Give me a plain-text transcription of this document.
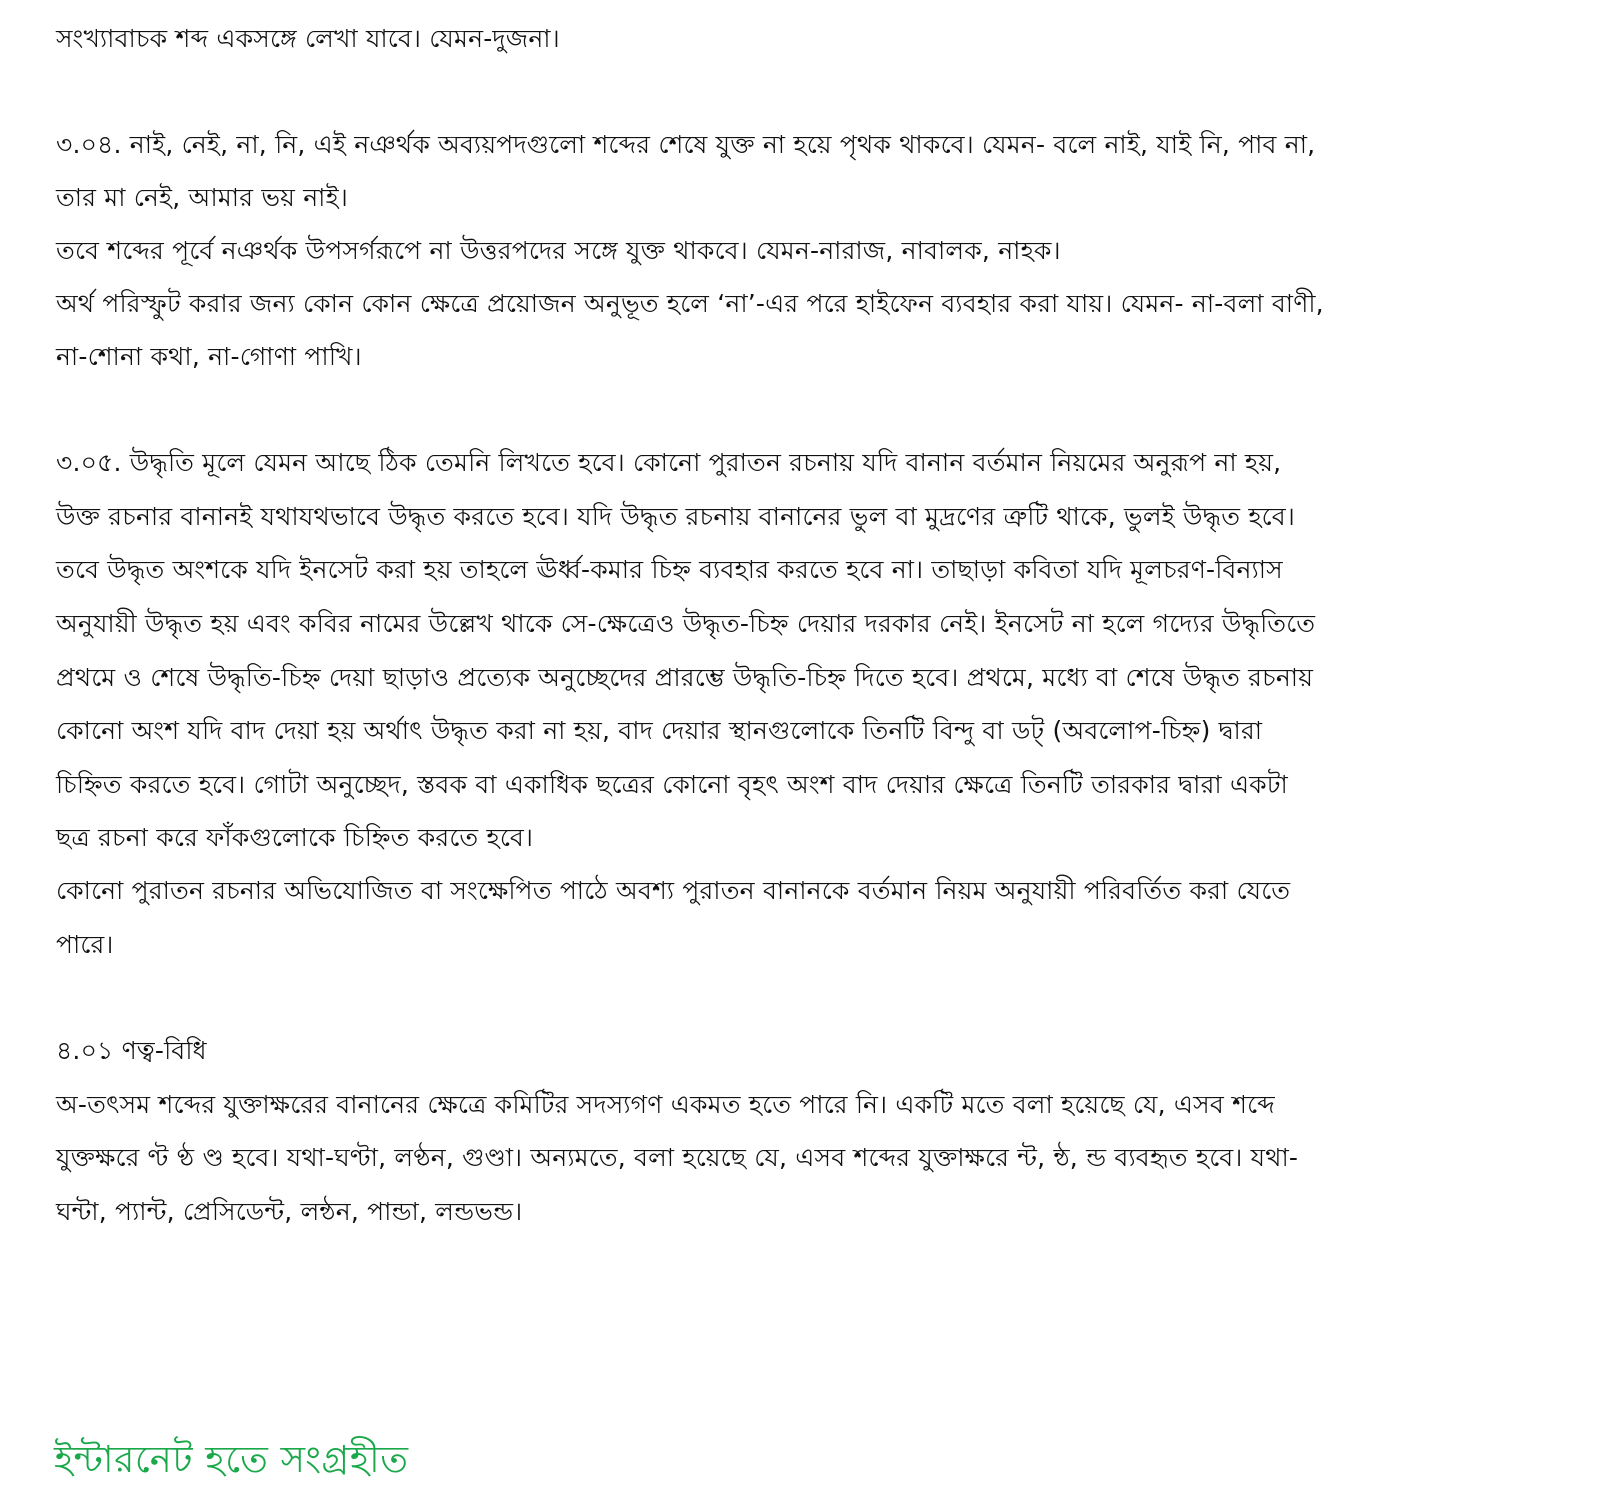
সংখ্যাবাচক শব্দ একসঙ্গে লেখা যাবে। যেমন-দুজনা।

৩.০৪. নাই, নেই, না, নি, এই নঞর্থক অব্যয়পদগুলো শব্দের শেষে যুক্ত না হয়ে পৃথক থাকবে। যেমন- বলে নাই, যাই নি, পাব না,

তার মা নেই, আমার ভয় নাই।

তবে শব্দের পূর্বে নঞর্থক উপসর্গরূপে না উত্তরপদের সঙ্গে যুক্ত থাকবে। যেমন-নারাজ, নাবালক, নাহক।

অর্থ পরিস্ফুট করার জন্য কোন কোন ক্ষেত্রে প্রয়োজন অনুভূত হলে ‘না’-এর পরে হাইফেন ব্যবহার করা যায়। যেমন- না-বলা বাণী,

না-শোনা কথা, না-গোণা পাখি।

৩.০৫. উদ্ধৃতি মূলে যেমন আছে ঠিক তেমনি লিখতে হবে। কোনো পুরাতন রচনায় যদি বানান বর্তমান নিয়মের অনুরূপ না হয়,

উক্ত রচনার বানানই যথাযথভাবে উদ্ধৃত করতে হবে। যদি উদ্ধৃত রচনায় বানানের ভুল বা মুদ্রণের ত্রুটি থাকে, ভুলই উদ্ধৃত হবে।

তবে উদ্ধৃত অংশকে যদি ইনসেট করা হয় তাহলে ঊর্ধ্ব-কমার চিহ্ন ব্যবহার করতে হবে না। তাছাড়া কবিতা যদি মূলচরণ-বিন্যাস

অনুযায়ী উদ্ধৃত হয় এবং কবির নামের উল্লেখ থাকে সে-ক্ষেত্রেও উদ্ধৃত-চিহ্ন দেয়ার দরকার নেই। ইনসেট না হলে গদ্যের উদ্ধৃতিতে

প্রথমে ও শেষে উদ্ধৃতি-চিহ্ন দেয়া ছাড়াও প্রত্যেক অনুচ্ছেদের প্রারম্ভে উদ্ধৃতি-চিহ্ন দিতে হবে। প্রথমে, মধ্যে বা শেষে উদ্ধৃত রচনায়

কোনো অংশ যদি বাদ দেয়া হয় অর্থাৎ উদ্ধৃত করা না হয়, বাদ দেয়ার স্থানগুলোকে তিনটি বিন্দু বা ডট্ (অবলোপ-চিহ্ন) দ্বারা

চিহ্নিত করতে হবে। গোটা অনুচ্ছেদ, স্তবক বা একাধিক ছত্রের কোনো বৃহৎ অংশ বাদ দেয়ার ক্ষেত্রে তিনটি তারকার দ্বারা একটা

ছত্র রচনা করে ফাঁকগুলোকে চিহ্নিত করতে হবে।

কোনো পুরাতন রচনার অভিযোজিত বা সংক্ষেপিত পাঠে অবশ্য পুরাতন বানানকে বর্তমান নিয়ম অনুযায়ী পরিবর্তিত করা যেতে

পারে।

৪.০১ ণত্ব-বিধি

অ-তৎসম শব্দের যুক্তাক্ষরের বানানের ক্ষেত্রে কমিটির সদস্যগণ একমত হতে পারে নি। একটি মতে বলা হয়েছে যে, এসব শব্দে

যুক্তক্ষরে ণ্ট ণ্ঠ ণ্ড হবে। যথা-ঘণ্টা, লণ্ঠন, গুণ্ডা। অন্যমতে, বলা হয়েছে যে, এসব শব্দের যুক্তাক্ষরে ন্ট, ন্ঠ, ন্ড ব্যবহৃত হবে। যথা-

ঘন্টা, প্যান্ট, প্রেসিডেন্ট, লন্ঠন, পান্ডা, লন্ডভন্ড।

ইন্টারনেট হতে সংগ্রহীত
